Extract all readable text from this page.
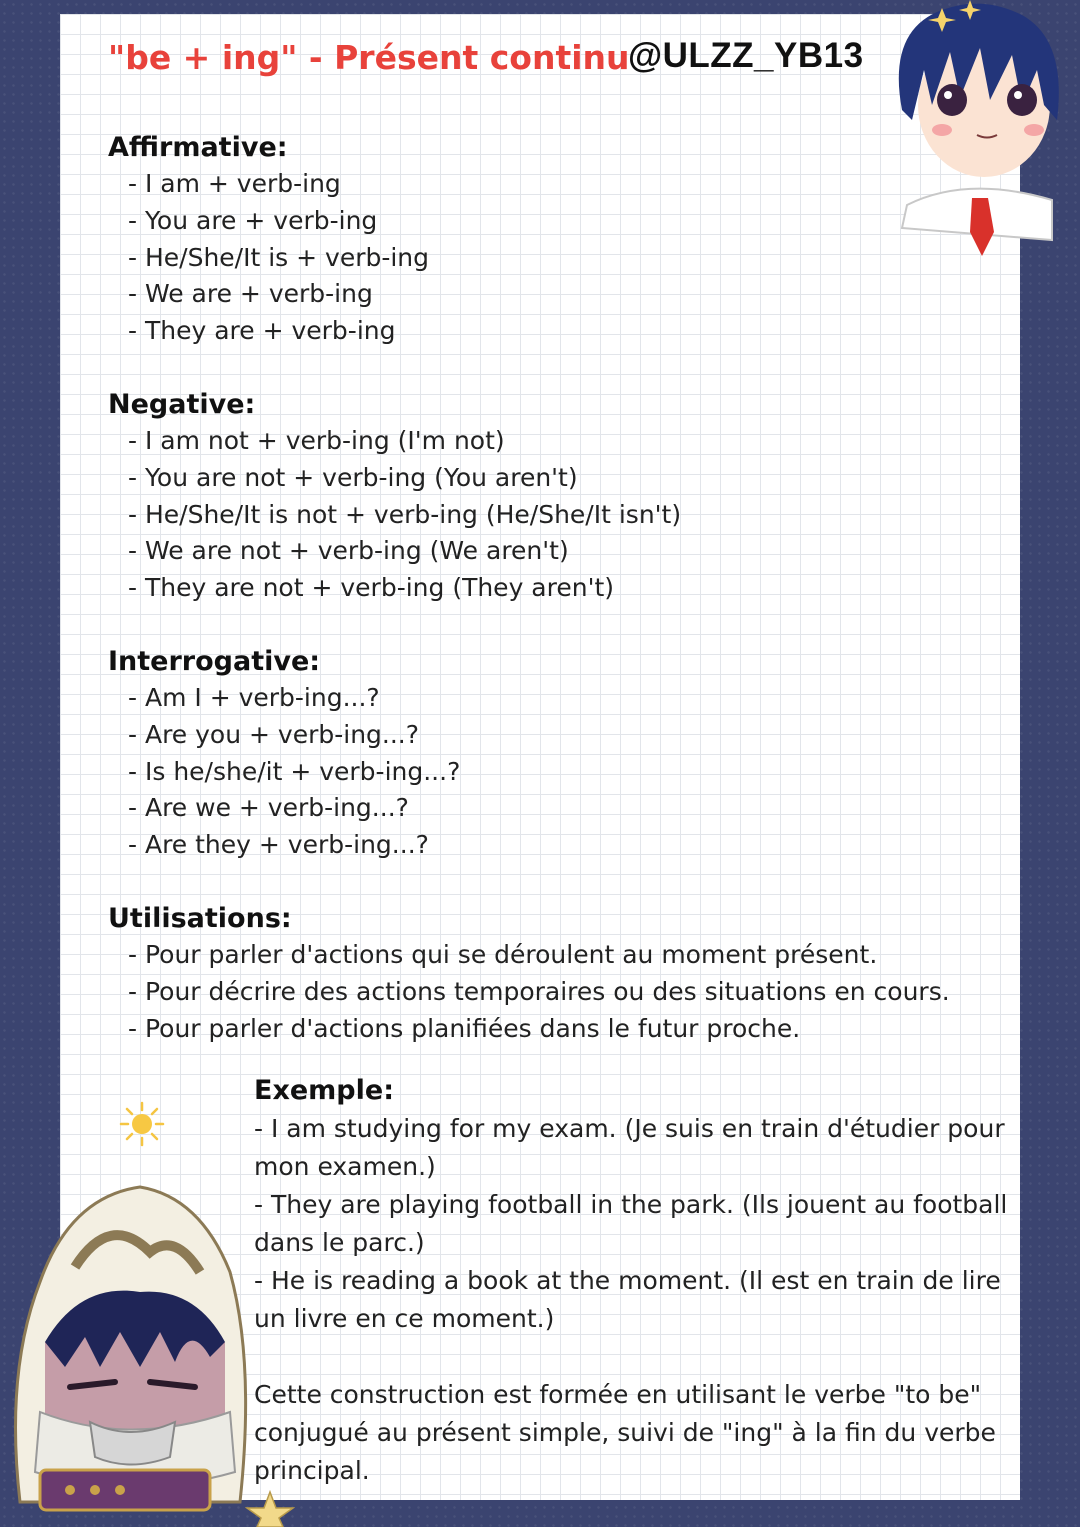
"be + ing" - Présent continu
@ULZZ_YB13
Affirmative:
- I am + verb-ing
- You are + verb-ing
- He/She/It is + verb-ing
- We are + verb-ing
- They are + verb-ing
Negative:
- I am not + verb-ing (I'm not)
- You are not + verb-ing (You aren't)
- He/She/It is not + verb-ing (He/She/It isn't)
- We are not + verb-ing (We aren't)
- They are not + verb-ing (They aren't)
Interrogative:
- Am I + verb-ing...?
- Are you + verb-ing...?
- Is he/she/it + verb-ing...?
- Are we + verb-ing...?
- Are they + verb-ing...?
Utilisations:
- Pour parler d'actions qui se déroulent au moment présent.
- Pour décrire des actions temporaires ou des situations en cours.
- Pour parler d'actions planifiées dans le futur proche.
Exemple:

- I am studying for my exam. (Je suis en train d'étudier pour mon examen.)

- They are playing football in the park. (Ils jouent au football dans le parc.)

- He is reading a book at the moment. (Il est en train de lire un livre en ce moment.)

Cette construction est formée en utilisant le verbe "to be" conjugué au présent simple, suivi de "ing" à la fin du verbe principal.
